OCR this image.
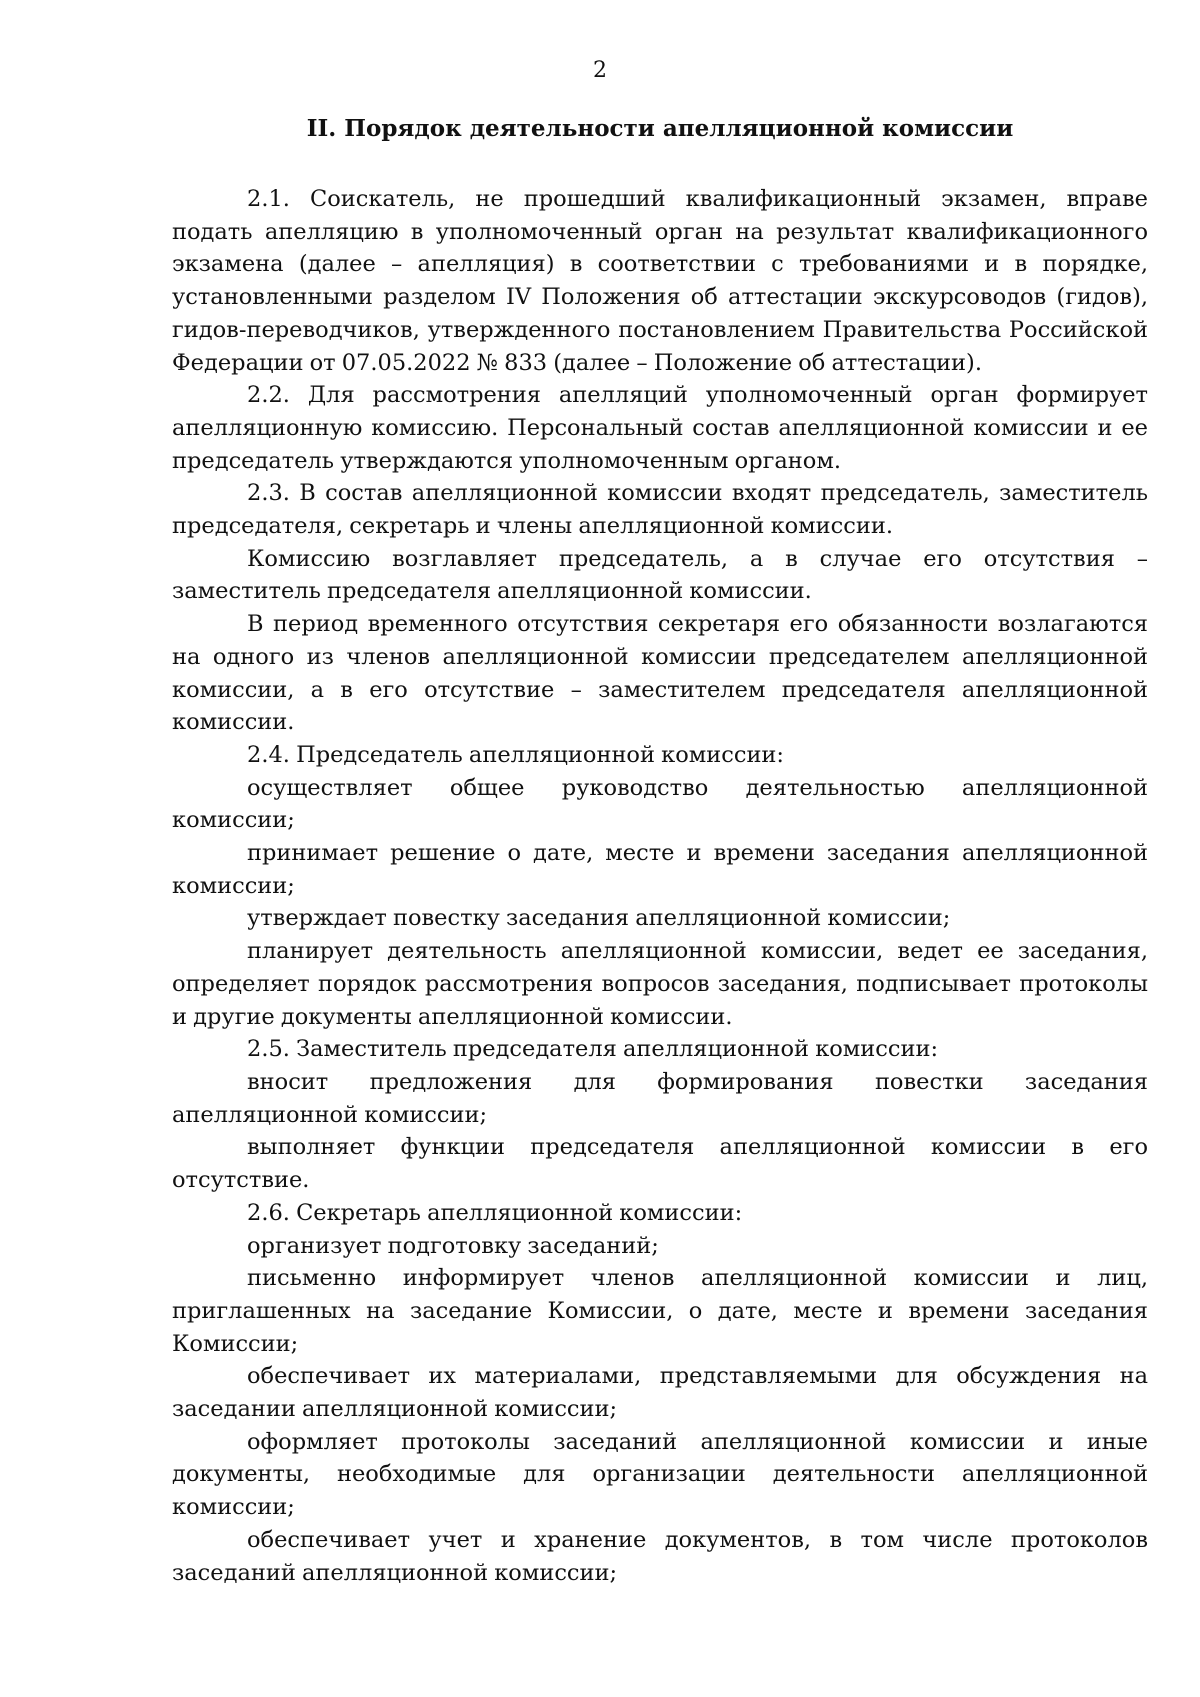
2
II. Порядок деятельности апелляционной комиссии

2.1. Соискатель, не прошедший квалификационный экзамен, вправе подать апелляцию в уполномоченный орган на результат квалификационного экзамена (далее – апелляция) в соответствии с требованиями и в порядке, установленными разделом IV Положения об аттестации экскурсоводов (гидов), гидов-переводчиков, утвержденного постановлением Правительства Российской Федерации от 07.05.2022 № 833 (далее – Положение об аттестации).

2.2. Для рассмотрения апелляций уполномоченный орган формирует апелляционную комиссию. Персональный состав апелляционной комиссии и ее председатель утверждаются уполномоченным органом.

2.3. В состав апелляционной комиссии входят председатель, заместитель председателя, секретарь и члены апелляционной комиссии.

Комиссию возглавляет председатель, а в случае его отсутствия – заместитель председателя апелляционной комиссии.

В период временного отсутствия секретаря его обязанности возлагаются на одного из членов апелляционной комиссии председателем апелляционной комиссии, а в его отсутствие – заместителем председателя апелляционной комиссии.

2.4. Председатель апелляционной комиссии:

осуществляет общее руководство деятельностью апелляционной комиссии;

принимает решение о дате, месте и времени заседания апелляционной комиссии;

утверждает повестку заседания апелляционной комиссии;

планирует деятельность апелляционной комиссии, ведет ее заседания, определяет порядок рассмотрения вопросов заседания, подписывает протоколы и другие документы апелляционной комиссии.

2.5. Заместитель председателя апелляционной комиссии:

вносит предложения для формирования повестки заседания апелляционной комиссии;

выполняет функции председателя апелляционной комиссии в его отсутствие.

2.6. Секретарь апелляционной комиссии:

организует подготовку заседаний;

письменно информирует членов апелляционной комиссии и лиц, приглашенных на заседание Комиссии, о дате, месте и времени заседания Комиссии;

обеспечивает их материалами, представляемыми для обсуждения на заседании апелляционной комиссии;

оформляет протоколы заседаний апелляционной комиссии и иные документы, необходимые для организации деятельности апелляционной комиссии;

обеспечивает учет и хранение документов, в том числе протоколов заседаний апелляционной комиссии;
